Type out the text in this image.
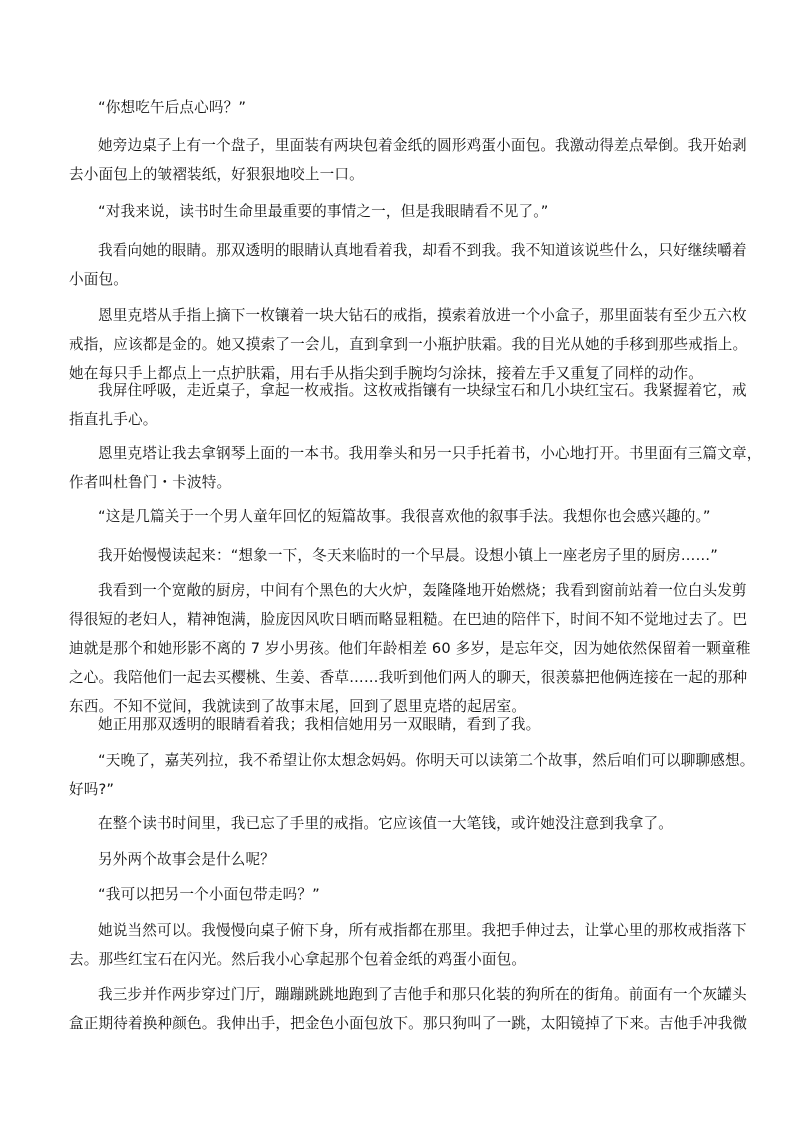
“你想吃午后点心吗？”

她旁边桌子上有一个盘子，里面装有两块包着金纸的圆形鸡蛋小面包。我激动得差点晕倒。我开始剥
去小面包上的皱褶装纸，好狠狠地咬上一口。

“对我来说，读书时生命里最重要的事情之一，但是我眼睛看不见了。”

我看向她的眼睛。那双透明的眼睛认真地看着我，却看不到我。我不知道该说些什么，只好继续嚼着
小面包。

恩里克塔从手指上摘下一枚镶着一块大钻石的戒指，摸索着放进一个小盒子，那里面装有至少五六枚
戒指，应该都是金的。她又摸索了一会儿，直到拿到一小瓶护肤霜。我的目光从她的手移到那些戒指上。
她在每只手上都点上一点护肤霜，用右手从指尖到手腕均匀涂抹，接着左手又重复了同样的动作。

我屏住呼吸，走近桌子，拿起一枚戒指。这枚戒指镶有一块绿宝石和几小块红宝石。我紧握着它，戒
指直扎手心。

恩里克塔让我去拿钢琴上面的一本书。我用拳头和另一只手托着书，小心地打开。书里面有三篇文章，
作者叫杜鲁门・卡波特。

“这是几篇关于一个男人童年回忆的短篇故事。我很喜欢他的叙事手法。我想你也会感兴趣的。”

我开始慢慢读起来：“想象一下，冬天来临时的一个早晨。设想小镇上一座老房子里的厨房……”

我看到一个宽敞的厨房，中间有个黑色的大火炉，轰隆隆地开始燃烧；我看到窗前站着一位白头发剪
得很短的老妇人，精神饱满，脸庞因风吹日晒而略显粗糙。在巴迪的陪伴下，时间不知不觉地过去了。巴
迪就是那个和她形影不离的 7 岁小男孩。他们年龄相差 60 多岁，是忘年交，因为她依然保留着一颗童稚
之心。我陪他们一起去买樱桃、生姜、香草……我听到他们两人的聊天，很羡慕把他俩连接在一起的那种
东西。不知不觉间，我就读到了故事末尾，回到了恩里克塔的起居室。

她正用那双透明的眼睛看着我；我相信她用另一双眼睛，看到了我。

“天晚了，嘉芙列拉，我不希望让你太想念妈妈。你明天可以读第二个故事，然后咱们可以聊聊感想。
好吗?”

在整个读书时间里，我已忘了手里的戒指。它应该值一大笔钱，或许她没注意到我拿了。

另外两个故事会是什么呢？

“我可以把另一个小面包带走吗？”

她说当然可以。我慢慢向桌子俯下身，所有戒指都在那里。我把手伸过去，让掌心里的那枚戒指落下
去。那些红宝石在闪光。然后我小心拿起那个包着金纸的鸡蛋小面包。

我三步并作两步穿过门厅，蹦蹦跳跳地跑到了吉他手和那只化装的狗所在的街角。前面有一个灰罐头
盒正期待着换种颜色。我伸出手，把金色小面包放下。那只狗叫了一跳，太阳镜掉了下来。吉他手冲我微
